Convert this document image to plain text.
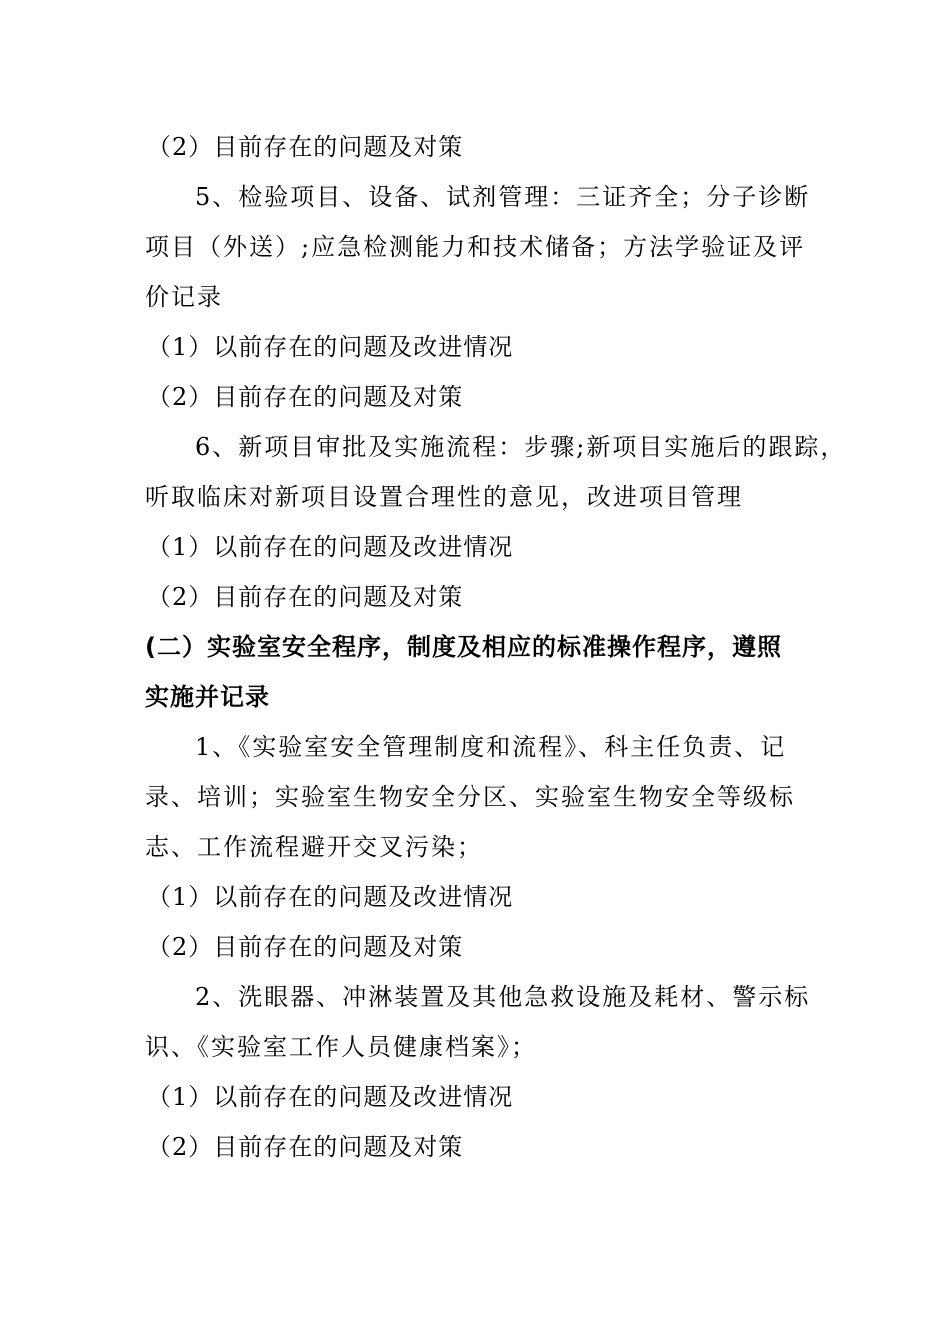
（2）目前存在的问题及对策
5、检验项目、设备、试剂管理：三证齐全；分子诊断
项目（外送）;应急检测能力和技术储备；方法学验证及评
价记录
（1）以前存在的问题及改进情况
（2）目前存在的问题及对策
6、新项目审批及实施流程：步骤;新项目实施后的跟踪，
听取临床对新项目设置合理性的意见，改进项目管理
（1）以前存在的问题及改进情况
（2）目前存在的问题及对策
(二）实验室安全程序，制度及相应的标准操作程序，遵照
实施并记录
1、《实验室安全管理制度和流程》、科主任负责、记
录、培训；实验室生物安全分区、实验室生物安全等级标
志、工作流程避开交叉污染；
（1）以前存在的问题及改进情况
（2）目前存在的问题及对策
2、洗眼器、冲淋装置及其他急救设施及耗材、警示标
识、《实验室工作人员健康档案》；
（1）以前存在的问题及改进情况
（2）目前存在的问题及对策
